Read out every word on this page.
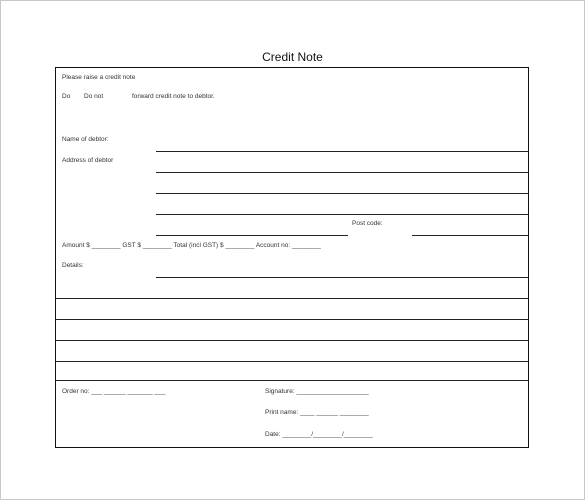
Credit Note
Please raise a credit note
Do Do not	forward credit note to debtor.
Name of debtor:
Address of debtor
Post code:
Amount $ ________ GST $ ________ Total (incl GST) $ ________ Account no: ________
Details:
Order no: ___ ______ _______ ___	Signature: ____________________
Print name: ____ ______ ________
Date: ________/________/________
